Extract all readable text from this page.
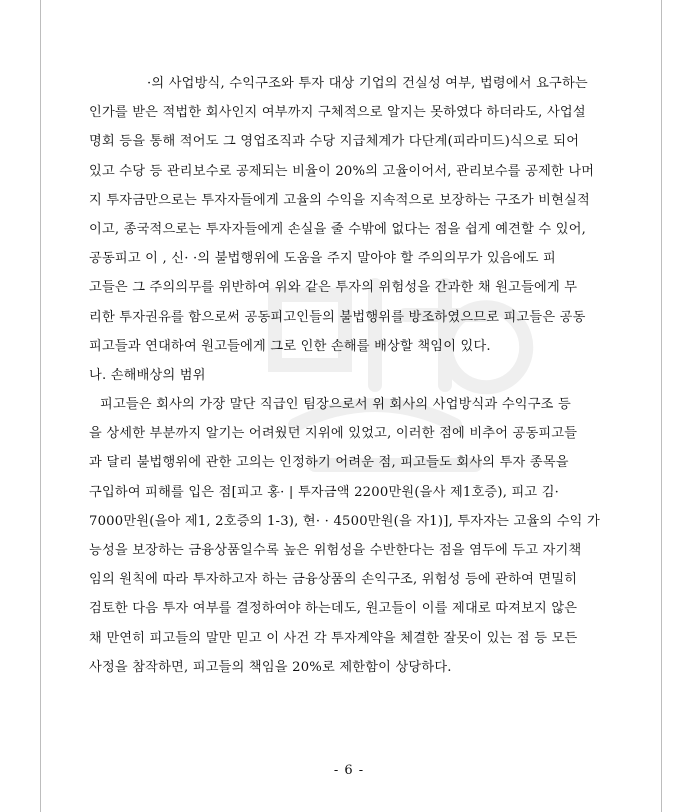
·의 사업방식, 수익구조와 투자 대상 기업의 건실성 여부, 법령에서 요구하는
인가를 받은 적법한 회사인지 여부까지 구체적으로 알지는 못하였다 하더라도, 사업설
명회 등을 통해 적어도 그 영업조직과 수당 지급체계가 다단계(피라미드)식으로 되어
있고 수당 등 관리보수로 공제되는 비율이 20%의 고율이어서, 관리보수를 공제한 나머
지 투자금만으로는 투자자들에게 고율의 수익을 지속적으로 보장하는 구조가 비현실적
이고, 종국적으로는 투자자들에게 손실을 줄 수밖에 없다는 점을 쉽게 예견할 수 있어,
공동피고 이 , 신· ·의 불법행위에 도움을 주지 말아야 할 주의의무가 있음에도 피
고들은 그 주의의무를 위반하여 위와 같은 투자의 위험성을 간과한 채 원고들에게 무
리한 투자권유를 함으로써 공동피고인들의 불법행위를 방조하였으므로 피고들은 공동
피고들과 연대하여 원고들에게 그로 인한 손해를 배상할 책임이 있다.
나. 손해배상의 범위
피고들은 회사의 가장 말단 직급인 팀장으로서 위 회사의 사업방식과 수익구조 등
을 상세한 부분까지 알기는 어려웠던 지위에 있었고, 이러한 점에 비추어 공동피고들
과 달리 불법행위에 관한 고의는 인정하기 어려운 점, 피고들도 회사의 투자 종목을
구입하여 피해를 입은 점[피고 홍· | 투자금액 2200만원(을사 제1호증), 피고 김·
7000만원(을아 제1, 2호증의 1-3), 현· · 4500만원(을 자1)], 투자자는 고율의 수익 가
능성을 보장하는 금융상품일수록 높은 위험성을 수반한다는 점을 염두에 두고 자기책
임의 원칙에 따라 투자하고자 하는 금융상품의 손익구조, 위험성 등에 관하여 면밀히
검토한 다음 투자 여부를 결정하여야 하는데도, 원고들이 이를 제대로 따져보지 않은
채 만연히 피고들의 말만 믿고 이 사건 각 투자계약을 체결한 잘못이 있는 점 등 모든
사정을 참작하면, 피고들의 책임을 20%로 제한함이 상당하다.
- 6 -
